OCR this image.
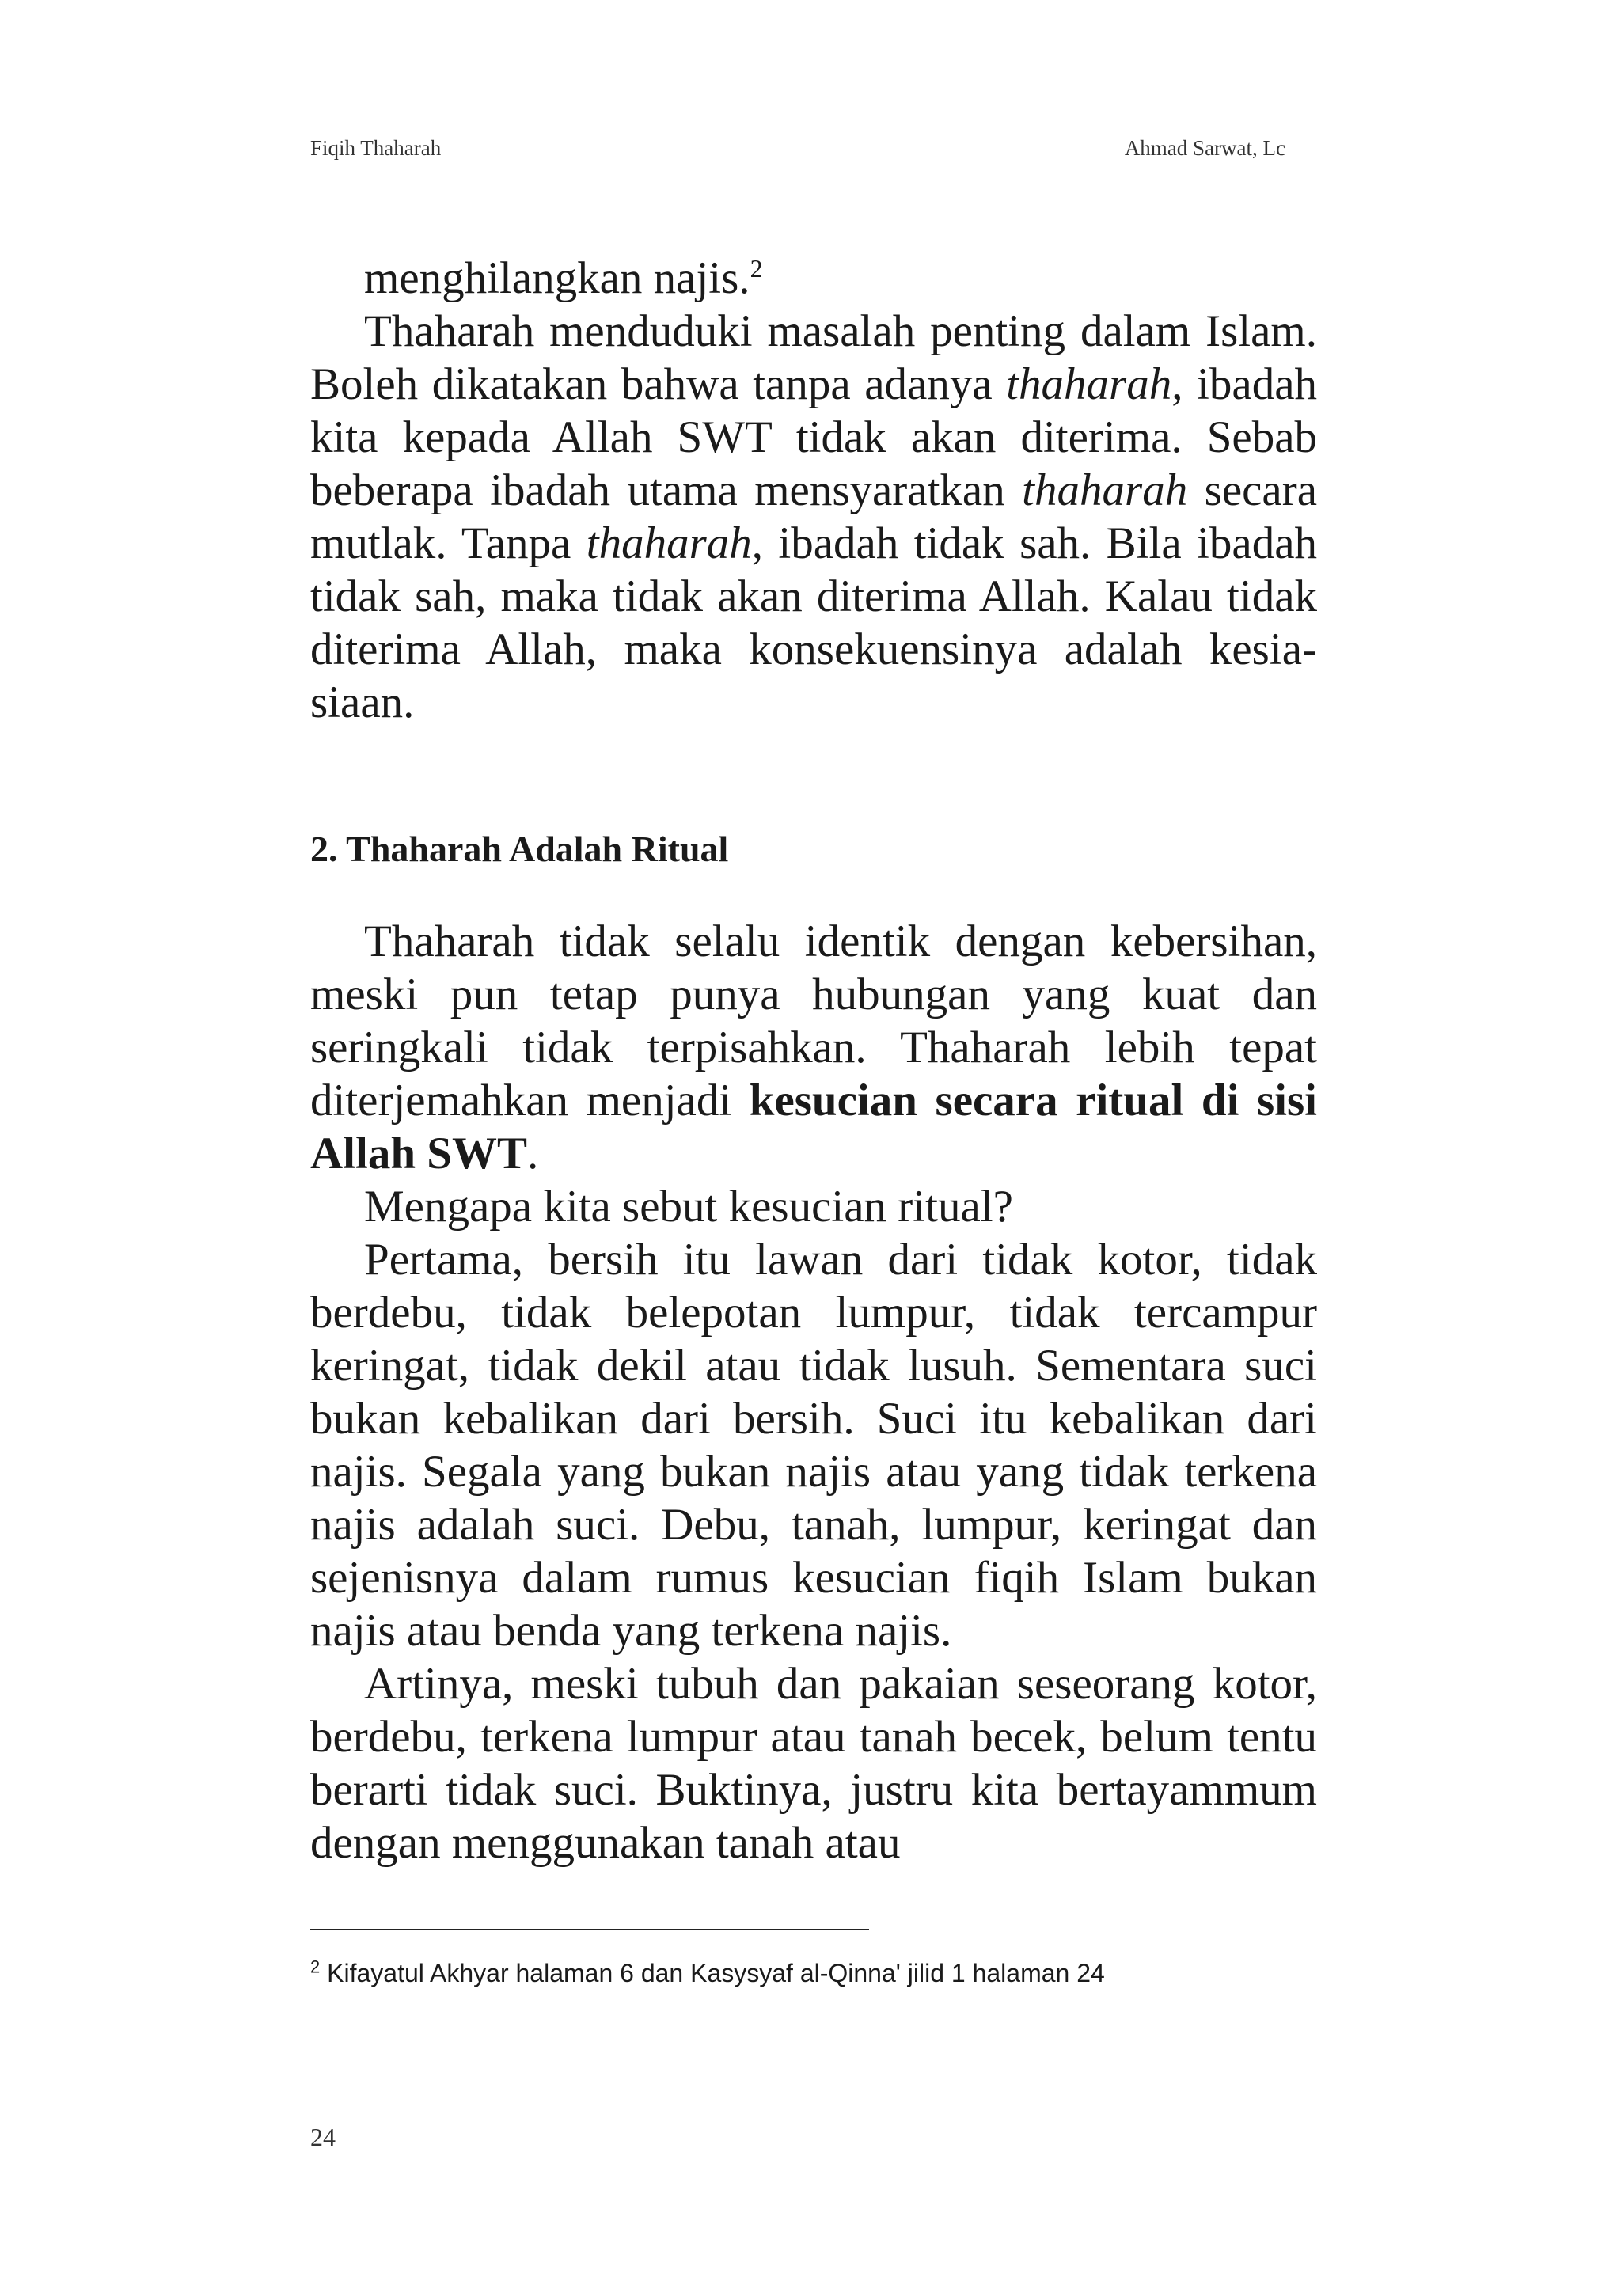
Fiqih Thaharah	Ahmad Sarwat, Lc

menghilangkan najis.$^2$

Thaharah menduduki masalah penting dalam Islam. Boleh dikatakan bahwa tanpa adanya thaharah, ibadah kita kepada Allah SWT tidak akan diterima. Sebab beberapa ibadah utama mensyaratkan thaharah secara mutlak. Tanpa thaharah, ibadah tidak sah. Bila ibadah tidak sah, maka tidak akan diterima Allah. Kalau tidak diterima Allah, maka konsekuensinya adalah kesia-siaan.

2. Thaharah Adalah Ritual

Thaharah tidak selalu identik dengan kebersihan, meski pun tetap punya hubungan yang kuat dan seringkali tidak terpisahkan. Thaharah lebih tepat diterjemahkan menjadi kesucian secara ritual di sisi Allah SWT.

Mengapa kita sebut kesucian ritual?

Pertama, bersih itu lawan dari tidak kotor, tidak berdebu, tidak belepotan lumpur, tidak tercampur keringat, tidak dekil atau tidak lusuh. Sementara suci bukan kebalikan dari bersih. Suci itu kebalikan dari najis. Segala yang bukan najis atau yang tidak terkena najis adalah suci. Debu, tanah, lumpur, keringat dan sejenisnya dalam rumus kesucian fiqih Islam bukan najis atau benda yang terkena najis.

Artinya, meski tubuh dan pakaian seseorang kotor, berdebu, terkena lumpur atau tanah becek, belum tentu berarti tidak suci. Buktinya, justru kita bertayammum dengan menggunakan tanah atau

$^2$ Kifayatul Akhyar halaman 6 dan Kasysyaf al-Qinna' jilid 1 halaman 24
24
